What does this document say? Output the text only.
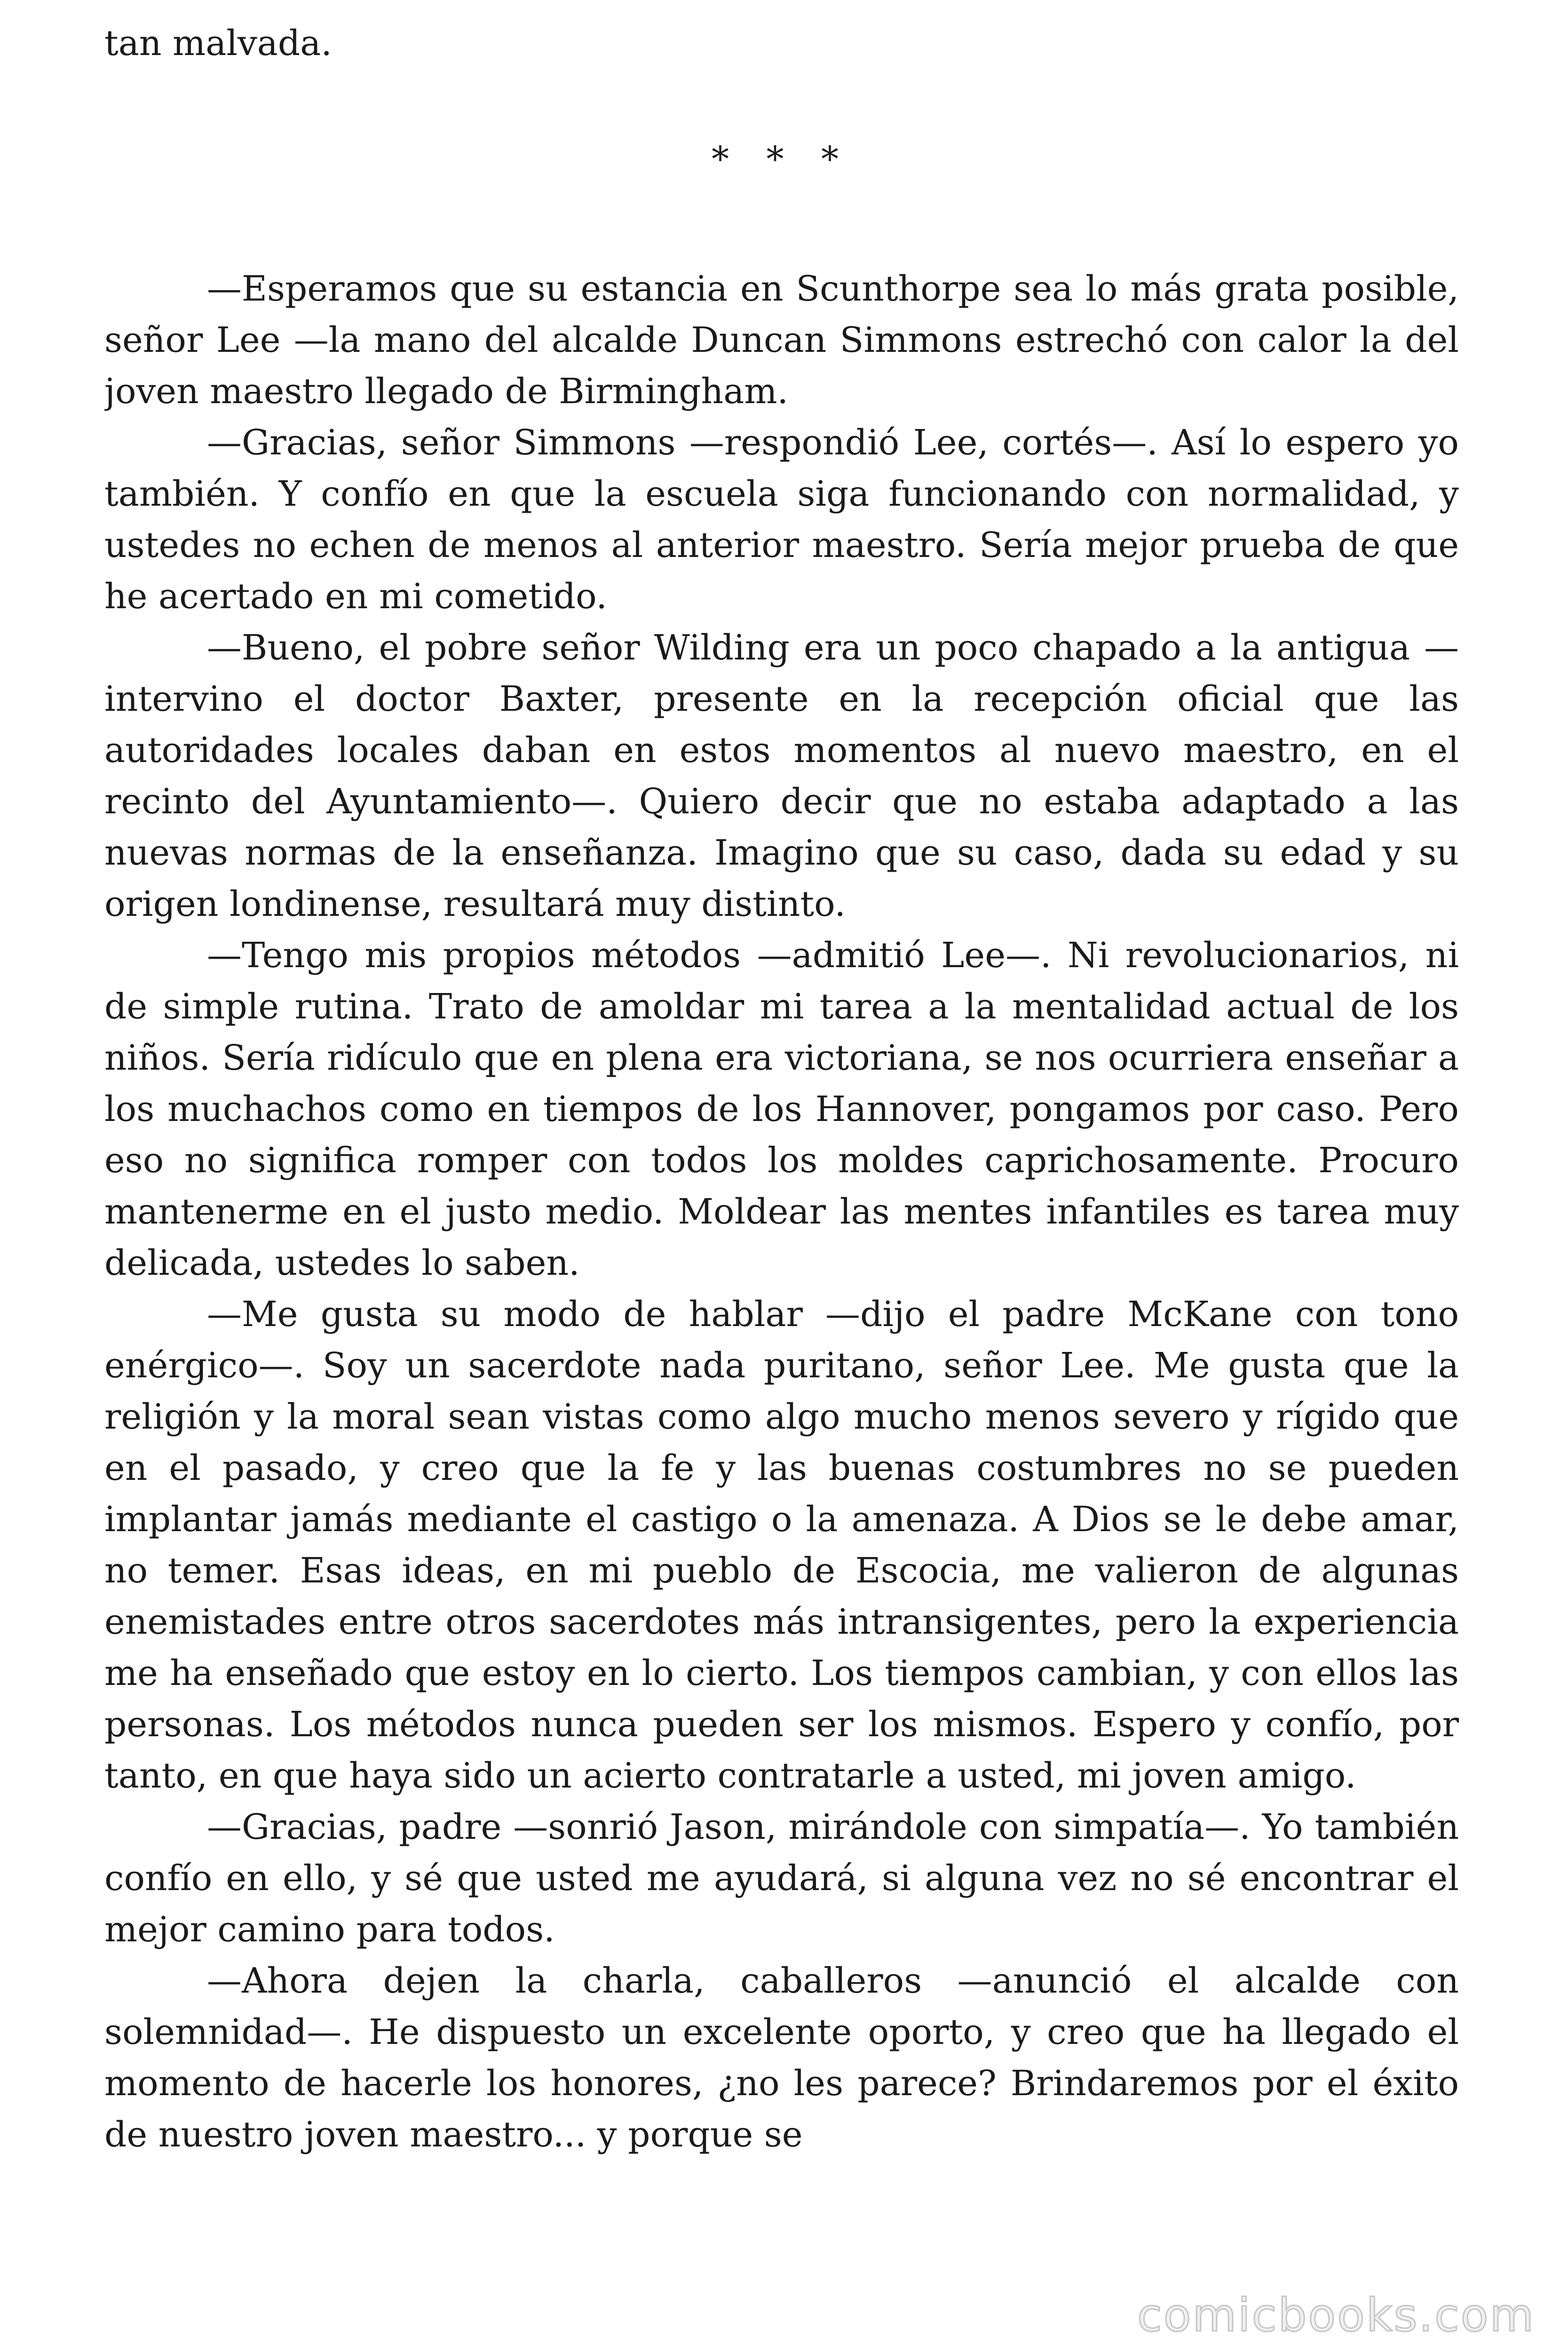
tan malvada.

* * *

—Esperamos que su estancia en Scunthorpe sea lo más grata posible, señor Lee —la mano del alcalde Duncan Simmons estrechó con calor la del joven maestro llegado de Birmingham.

—Gracias, señor Simmons —respondió Lee, cortés—. Así lo espero yo también. Y confío en que la escuela siga funcionando con normalidad, y ustedes no echen de menos al anterior maestro. Sería mejor prueba de que he acertado en mi cometido.

—Bueno, el pobre señor Wilding era un poco chapado a la antigua —intervino el doctor Baxter, presente en la recepción oficial que las autoridades locales daban en estos momentos al nuevo maestro, en el recinto del Ayuntamiento—. Quiero decir que no estaba adaptado a las nuevas normas de la enseñanza. Imagino que su caso, dada su edad y su origen londinense, resultará muy distinto.

—Tengo mis propios métodos —admitió Lee—. Ni revolucionarios, ni de simple rutina. Trato de amoldar mi tarea a la mentalidad actual de los niños. Sería ridículo que en plena era victoriana, se nos ocurriera enseñar a los muchachos como en tiempos de los Hannover, pongamos por caso. Pero eso no significa romper con todos los moldes caprichosamente. Procuro mantenerme en el justo medio. Moldear las mentes infantiles es tarea muy delicada, ustedes lo saben.

—Me gusta su modo de hablar —dijo el padre McKane con tono enérgico—. Soy un sacerdote nada puritano, señor Lee. Me gusta que la religión y la moral sean vistas como algo mucho menos severo y rígido que en el pasado, y creo que la fe y las buenas costumbres no se pueden implantar jamás mediante el castigo o la amenaza. A Dios se le debe amar, no temer. Esas ideas, en mi pueblo de Escocia, me valieron de algunas enemistades entre otros sacerdotes más intransigentes, pero la experiencia me ha enseñado que estoy en lo cierto. Los tiempos cambian, y con ellos las personas. Los métodos nunca pueden ser los mismos. Espero y confío, por tanto, en que haya sido un acierto contratarle a usted, mi joven amigo.

—Gracias, padre —sonrió Jason, mirándole con simpatía—. Yo también confío en ello, y sé que usted me ayudará, si alguna vez no sé encontrar el mejor camino para todos.

—Ahora dejen la charla, caballeros —anunció el alcalde con solemnidad—. He dispuesto un excelente oporto, y creo que ha llegado el momento de hacerle los honores, ¿no les parece? Brindaremos por el éxito de nuestro joven maestro... y porque se

comicbooks.com
